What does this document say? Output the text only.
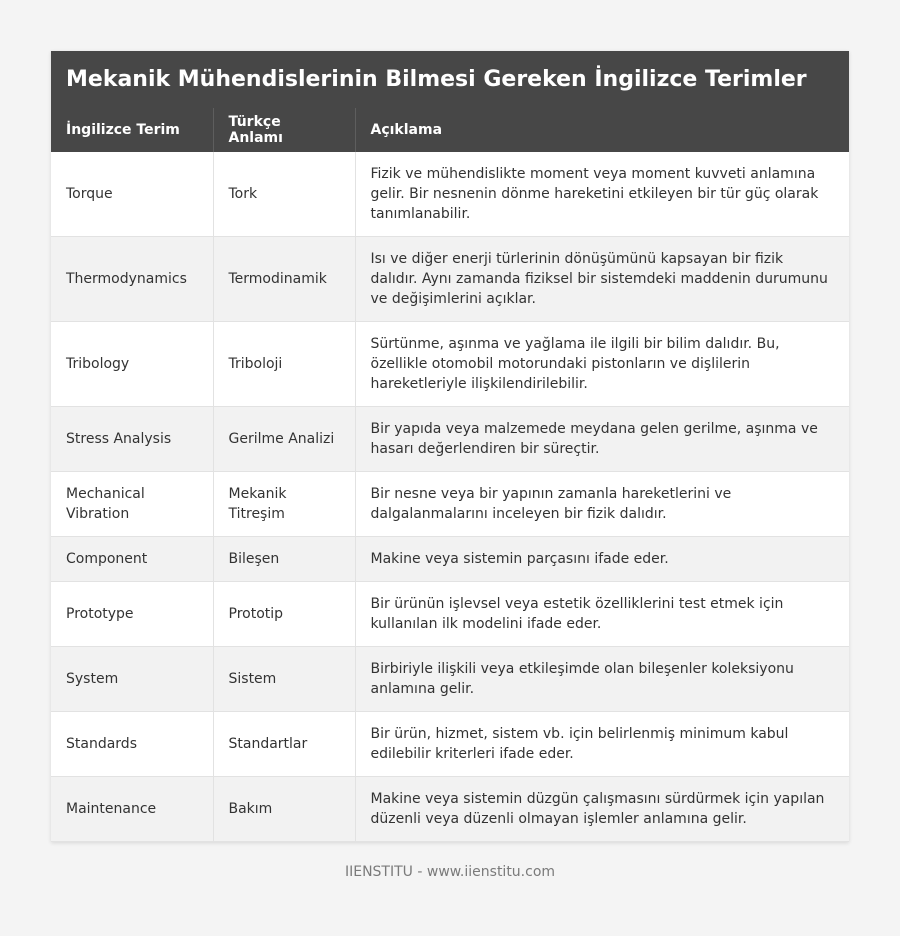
Mekanik Mühendislerinin Bilmesi Gereken İngilizce Terimler
İngilizce Terim	Türkçe Anlamı	Açıklama
Torque	Tork	Fizik ve mühendislikte moment veya moment kuvveti anlamına gelir. Bir nesnenin dönme hareketini etkileyen bir tür güç olarak tanımlanabilir.
Thermodynamics	Termodinamik	Isı ve diğer enerji türlerinin dönüşümünü kapsayan bir fizik dalıdır. Aynı zamanda fiziksel bir sistemdeki maddenin durumunu ve değişimlerini açıklar.
Tribology	Triboloji	Sürtünme, aşınma ve yağlama ile ilgili bir bilim dalıdır. Bu, özellikle otomobil motorundaki pistonların ve dişlilerin hareketleriyle ilişkilendirilebilir.
Stress Analysis	Gerilme Analizi	Bir yapıda veya malzemede meydana gelen gerilme, aşınma ve hasarı değerlendiren bir süreçtir.
Mechanical Vibration	Mekanik Titreşim	Bir nesne veya bir yapının zamanla hareketlerini ve dalgalanmalarını inceleyen bir fizik dalıdır.
Component	Bileşen	Makine veya sistemin parçasını ifade eder.
Prototype	Prototip	Bir ürünün işlevsel veya estetik özelliklerini test etmek için kullanılan ilk modelini ifade eder.
System	Sistem	Birbiriyle ilişkili veya etkileşimde olan bileşenler koleksiyonu anlamına gelir.
Standards	Standartlar	Bir ürün, hizmet, sistem vb. için belirlenmiş minimum kabul edilebilir kriterleri ifade eder.
Maintenance	Bakım	Makine veya sistemin düzgün çalışmasını sürdürmek için yapılan düzenli veya düzenli olmayan işlemler anlamına gelir.
IIENSTITU - www.iienstitu.com
